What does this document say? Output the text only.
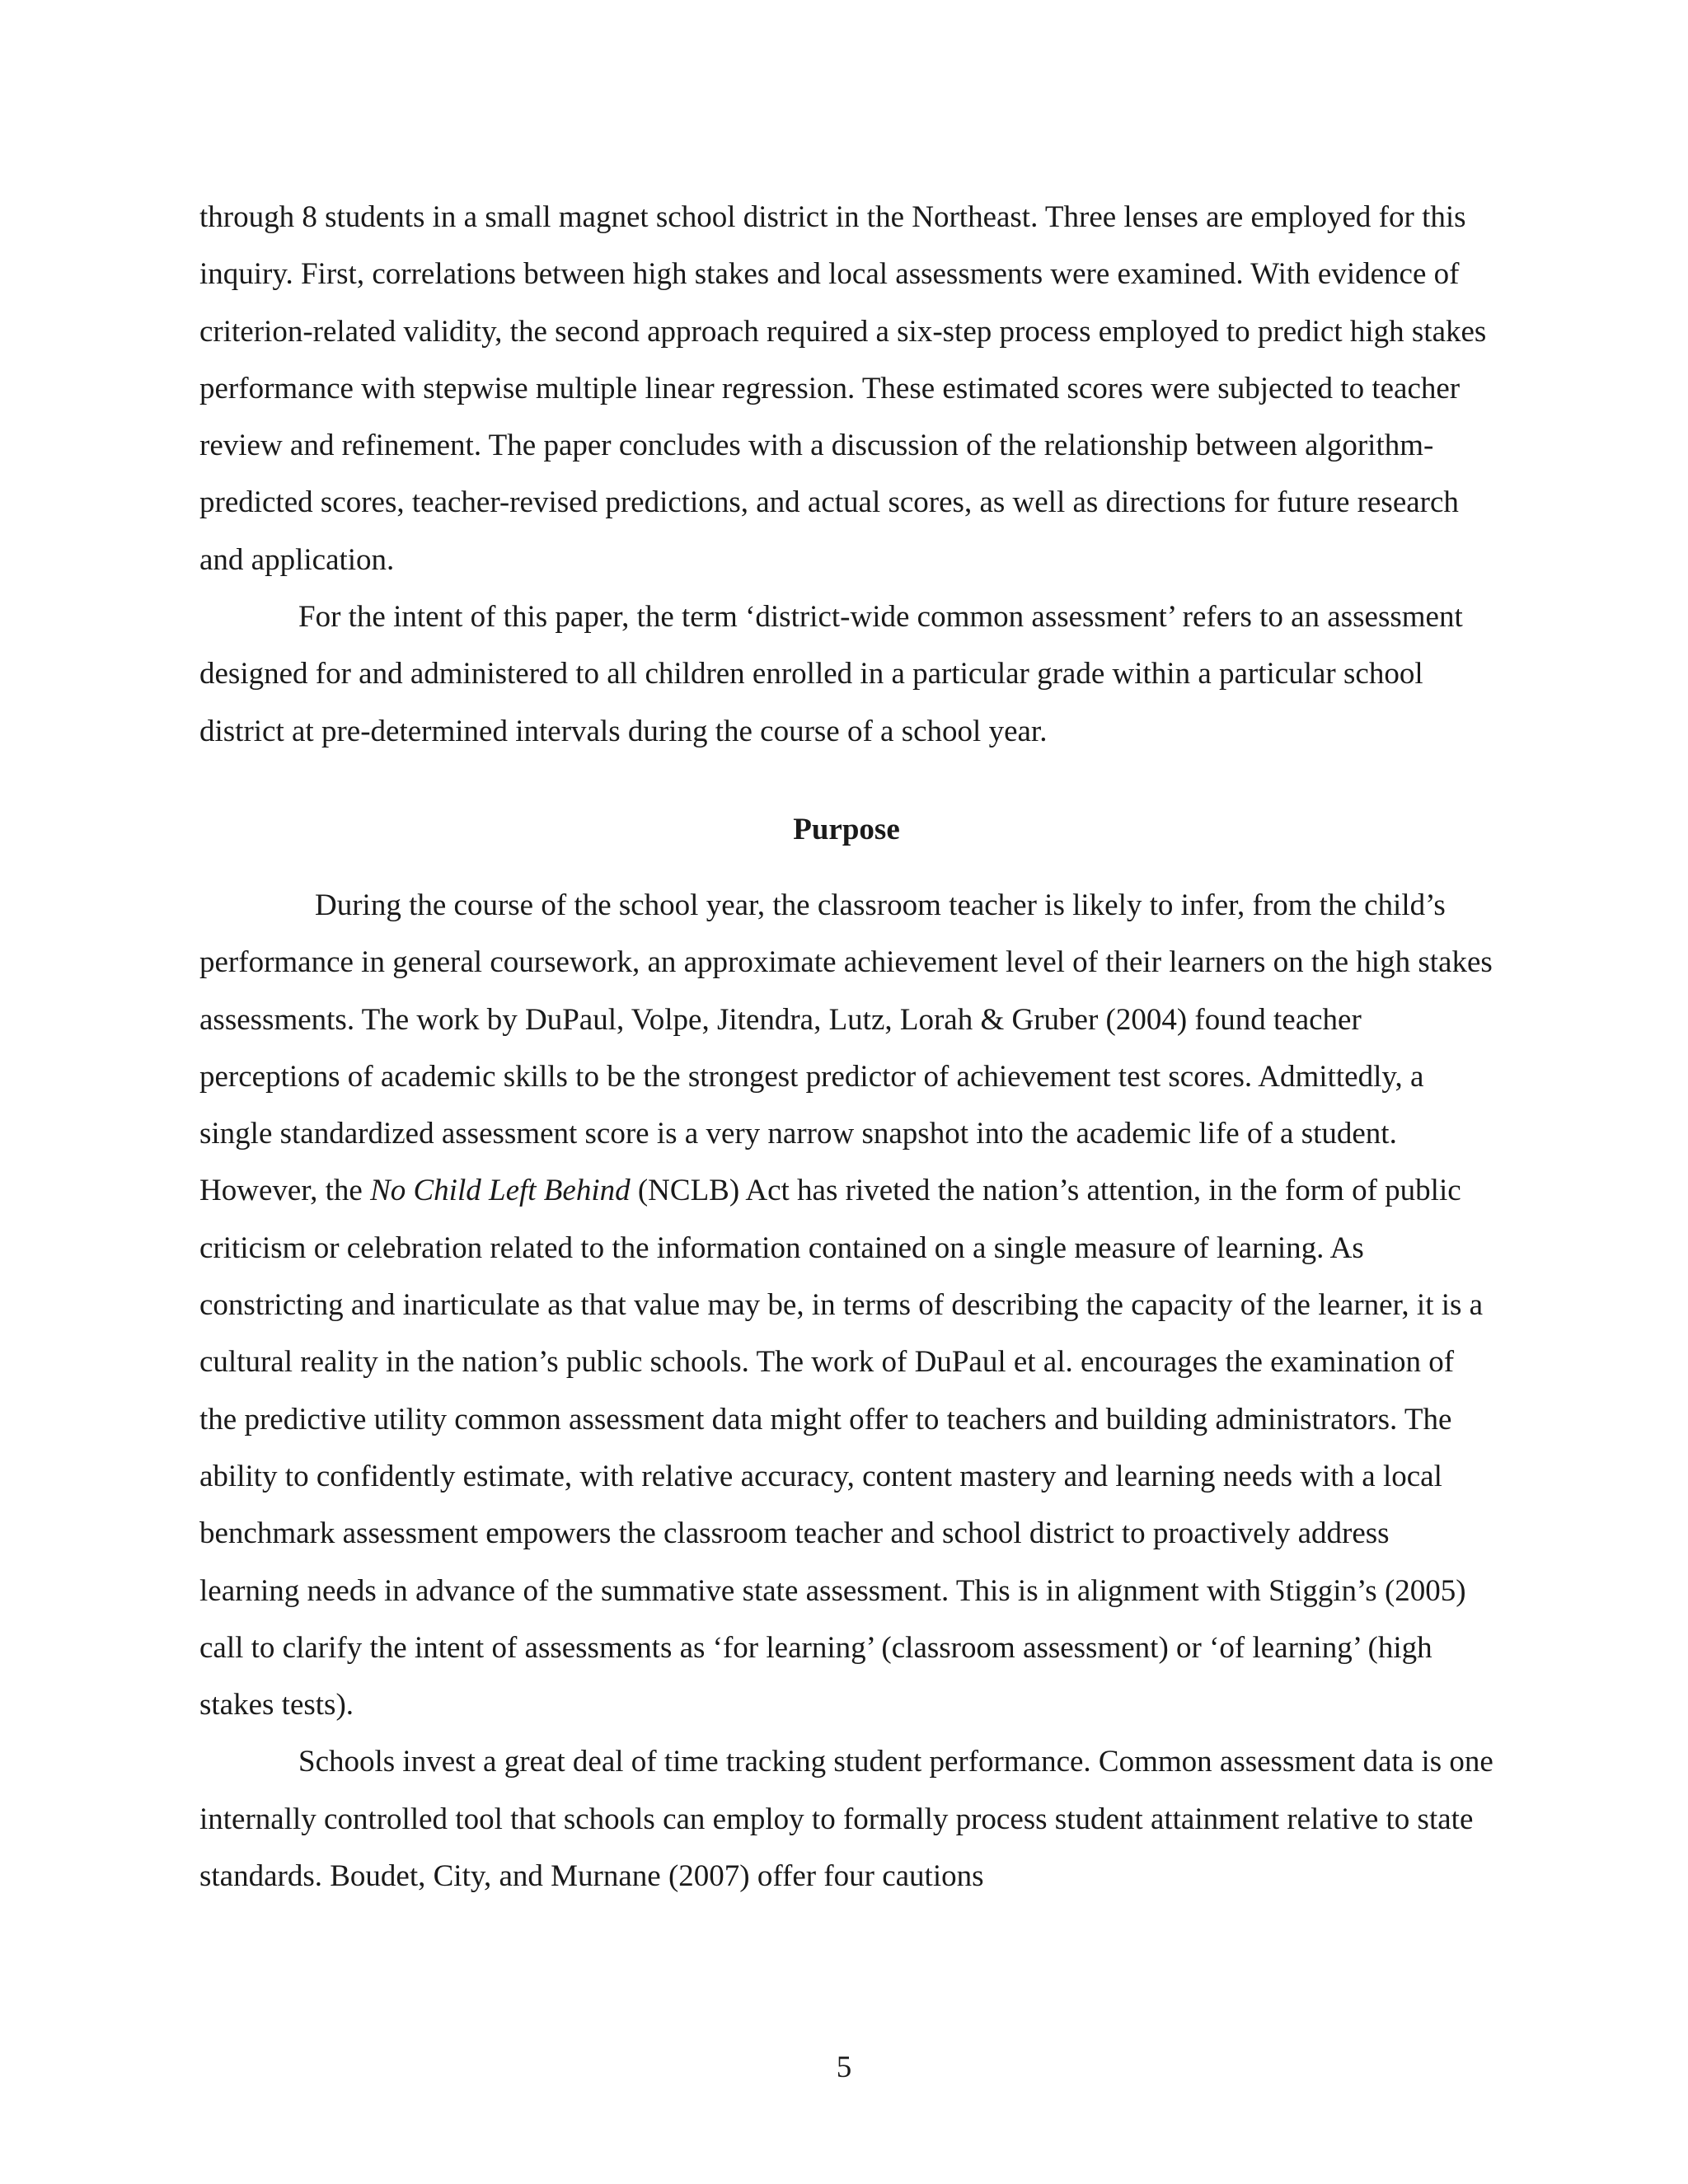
through 8 students in a small magnet school district in the Northeast. Three lenses are employed for this inquiry. First, correlations between high stakes and local assessments were examined. With evidence of criterion-related validity, the second approach required a six-step process employed to predict high stakes performance with stepwise multiple linear regression. These estimated scores were subjected to teacher review and refinement. The paper concludes with a discussion of the relationship between algorithm-predicted scores, teacher-revised predictions, and actual scores, as well as directions for future research and application.

For the intent of this paper, the term ‘district-wide common assessment’ refers to an assessment designed for and administered to all children enrolled in a particular grade within a particular school district at pre-determined intervals during the course of a school year.

Purpose

During the course of the school year, the classroom teacher is likely to infer, from the child’s performance in general coursework, an approximate achievement level of their learners on the high stakes assessments. The work by DuPaul, Volpe, Jitendra, Lutz, Lorah & Gruber (2004) found teacher perceptions of academic skills to be the strongest predictor of achievement test scores. Admittedly, a single standardized assessment score is a very narrow snapshot into the academic life of a student. However, the No Child Left Behind (NCLB) Act has riveted the nation’s attention, in the form of public criticism or celebration related to the information contained on a single measure of learning. As constricting and inarticulate as that value may be, in terms of describing the capacity of the learner, it is a cultural reality in the nation’s public schools. The work of DuPaul et al. encourages the examination of the predictive utility common assessment data might offer to teachers and building administrators. The ability to confidently estimate, with relative accuracy, content mastery and learning needs with a local benchmark assessment empowers the classroom teacher and school district to proactively address learning needs in advance of the summative state assessment. This is in alignment with Stiggin’s (2005) call to clarify the intent of assessments as ‘for learning’ (classroom assessment) or ‘of learning’ (high stakes tests).

Schools invest a great deal of time tracking student performance. Common assessment data is one internally controlled tool that schools can employ to formally process student attainment relative to state standards. Boudet, City, and Murnane (2007) offer four cautions

5
